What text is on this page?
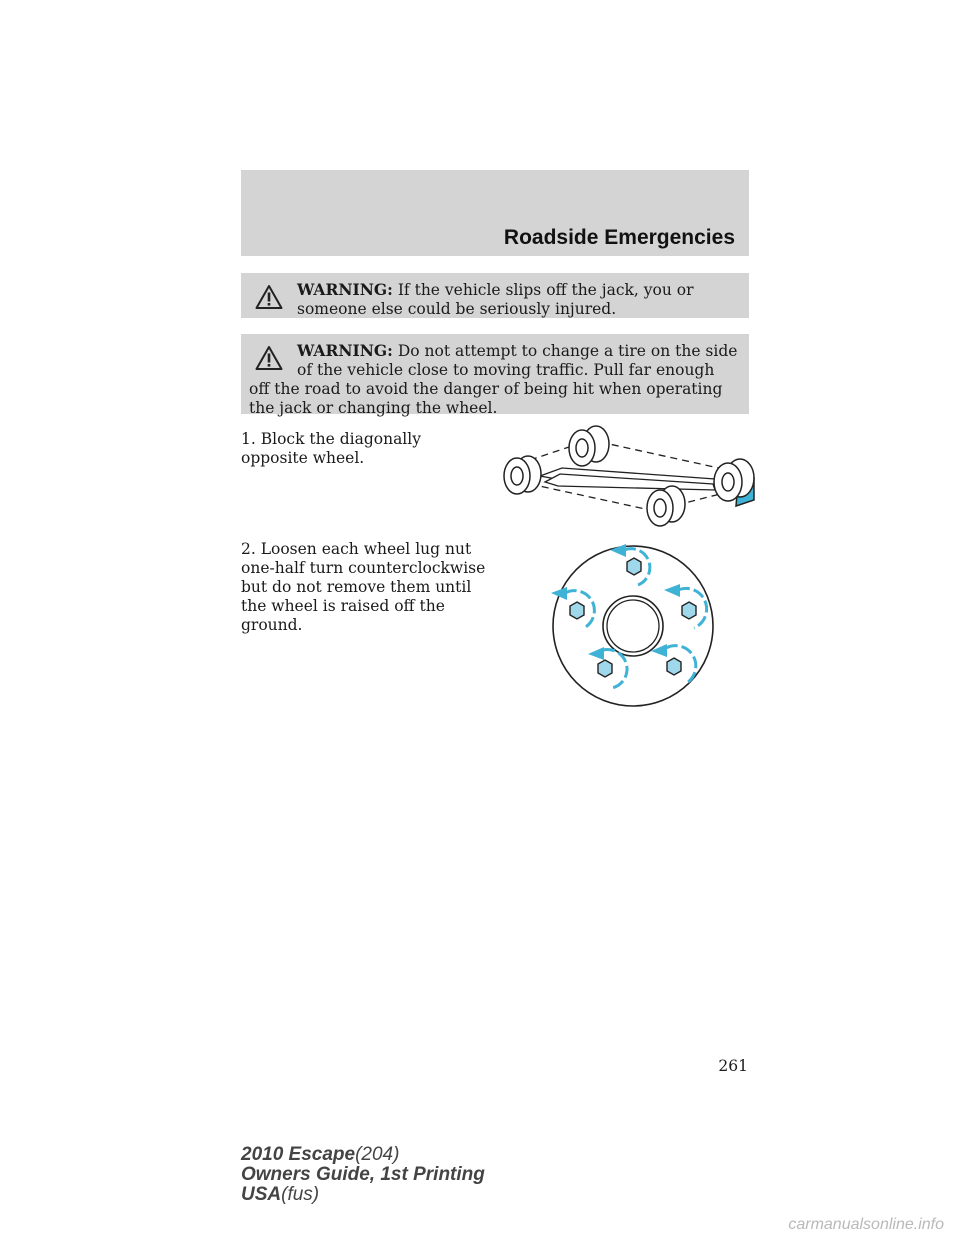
Roadside Emergencies
WARNING: If the vehicle slips off the jack, you or someone else could be seriously injured.
WARNING: Do not attempt to change a tire on the side of the vehicle close to moving traffic. Pull far enough off the road to avoid the danger of being hit when operating the jack or changing the wheel.
1. Block the diagonally opposite wheel.
2. Loosen each wheel lug nut one-half turn counterclockwise but do not remove them until the wheel is raised off the ground.
261
2010 Escape(204)
Owners Guide, 1st Printing
USA(fus)
carmanualsonline.info
